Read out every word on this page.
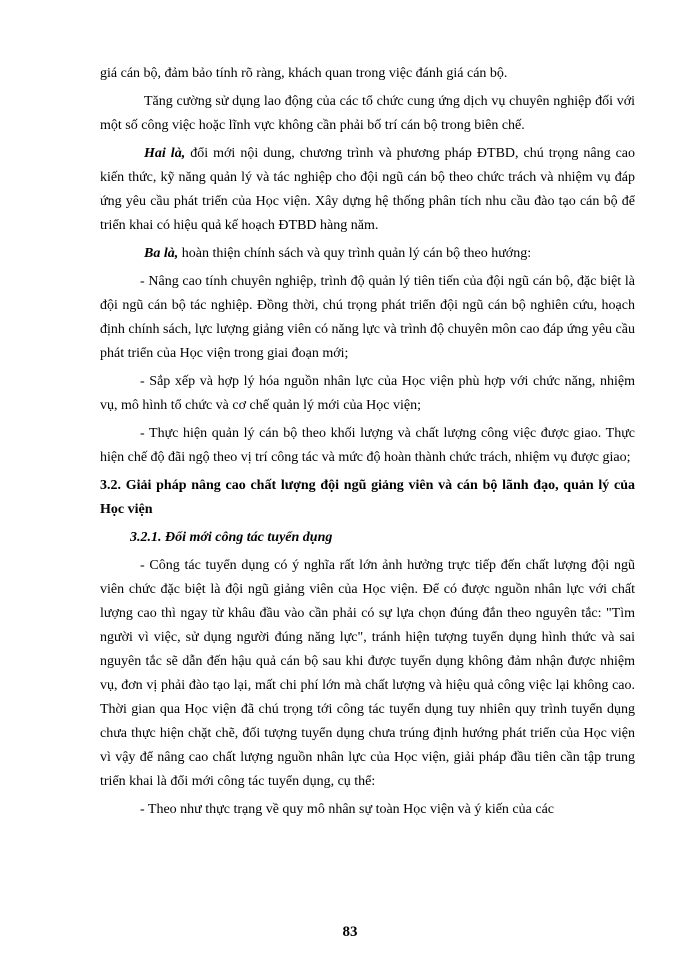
giá cán bộ, đảm bảo tính rõ ràng, khách quan trong việc đánh giá cán bộ.

Tăng cường sử dụng lao động của các tổ chức cung ứng dịch vụ chuyên nghiệp đối với một số công việc hoặc lĩnh vực không cần phải bố trí cán bộ trong biên chế.

Hai là, đổi mới nội dung, chương trình và phương pháp ĐTBD, chú trọng nâng cao kiến thức, kỹ năng quản lý và tác nghiệp cho đội ngũ cán bộ theo chức trách và nhiệm vụ đáp ứng yêu cầu phát triển của Học viện. Xây dựng hệ thống phân tích nhu cầu đào tạo cán bộ để triển khai có hiệu quả kế hoạch ĐTBD hàng năm.

Ba là, hoàn thiện chính sách và quy trình quản lý cán bộ theo hướng:

- Nâng cao tính chuyên nghiệp, trình độ quản lý tiên tiến của đội ngũ cán bộ, đặc biệt là đội ngũ cán bộ tác nghiệp. Đồng thời, chú trọng phát triển đội ngũ cán bộ nghiên cứu, hoạch định chính sách, lực lượng giảng viên có năng lực và trình độ chuyên môn cao đáp ứng yêu cầu phát triển của Học viện trong giai đoạn mới;

- Sắp xếp và hợp lý hóa nguồn nhân lực của Học viện phù hợp với chức năng, nhiệm vụ, mô hình tổ chức và cơ chế quản lý mới của Học viện;

- Thực hiện quản lý cán bộ theo khối lượng và chất lượng công việc được giao. Thực hiện chế độ đãi ngộ theo vị trí công tác và mức độ hoàn thành chức trách, nhiệm vụ được giao;

3.2. Giải pháp nâng cao chất lượng đội ngũ giảng viên và cán bộ lãnh đạo, quản lý của Học viện

3.2.1. Đổi mới công tác tuyển dụng

- Công tác tuyển dụng có ý nghĩa rất lớn ảnh hưởng trực tiếp đến chất lượng đội ngũ viên chức đặc biệt là đội ngũ giảng viên của Học viện. Để có được nguồn nhân lực với chất lượng cao thì ngay từ khâu đầu vào cần phải có sự lựa chọn đúng đắn theo nguyên tắc: "Tìm người vì việc, sử dụng người đúng năng lực", tránh hiện tượng tuyển dụng hình thức và sai nguyên tắc sẽ dẫn đến hậu quả cán bộ sau khi được tuyển dụng không đảm nhận được nhiệm vụ, đơn vị phải đào tạo lại, mất chi phí lớn mà chất lượng và hiệu quả công việc lại không cao. Thời gian qua Học viện đã chú trọng tới công tác tuyển dụng tuy nhiên quy trình tuyển dụng chưa thực hiện chặt chẽ, đối tượng tuyển dụng chưa trúng định hướng phát triển của Học viện vì vậy để nâng cao chất lượng nguồn nhân lực của Học viện, giải pháp đầu tiên cần tập trung triển khai là đổi mới công tác tuyển dụng, cụ thể:

- Theo như thực trạng về quy mô nhân sự toàn Học viện và ý kiến của các

83
